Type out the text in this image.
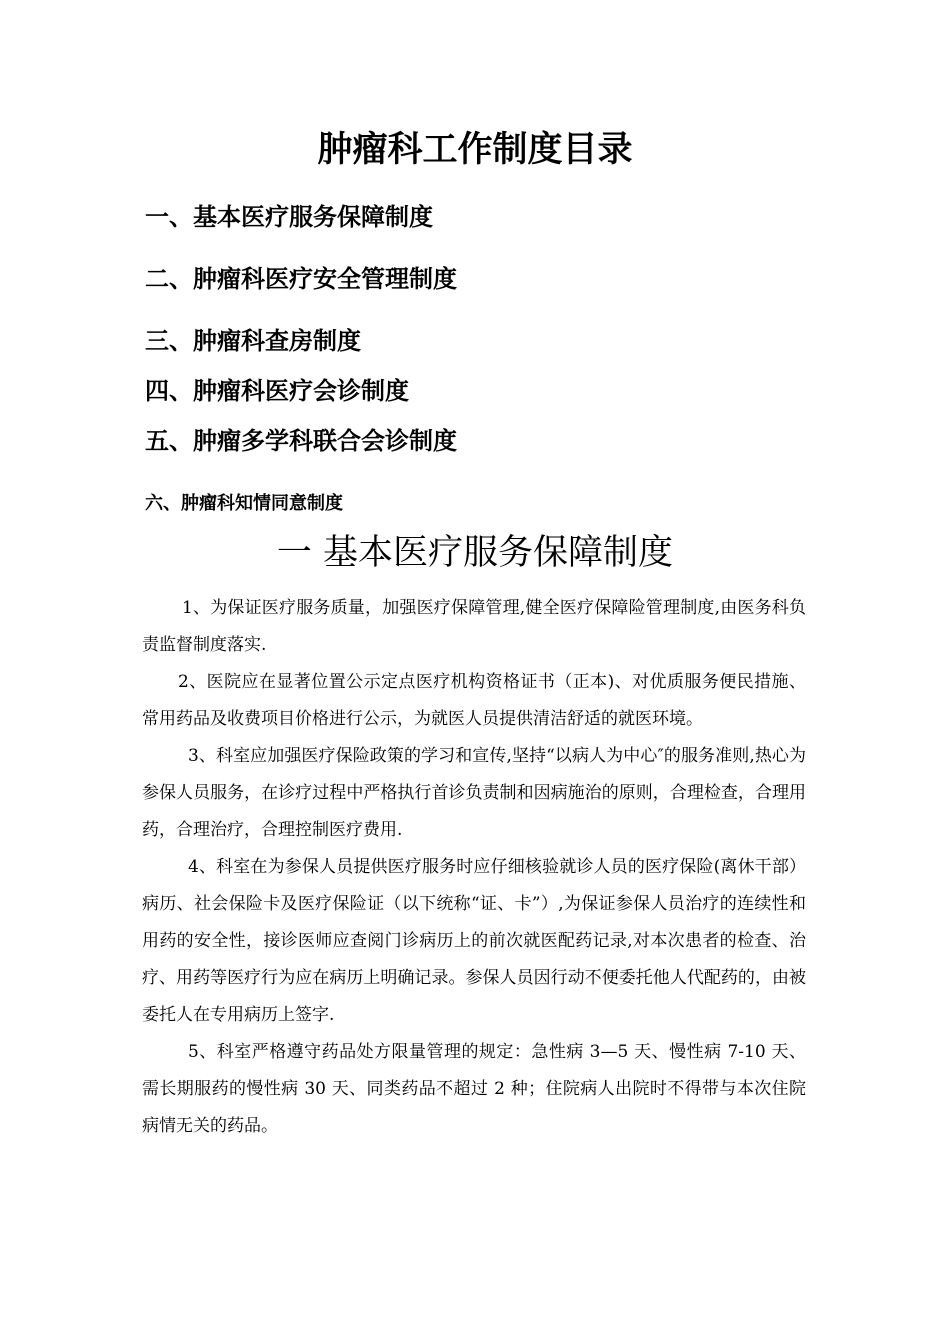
肿瘤科工作制度目录
一、基本医疗服务保障制度
二、肿瘤科医疗安全管理制度
三、肿瘤科查房制度
四、肿瘤科医疗会诊制度
五、肿瘤多学科联合会诊制度
六、肿瘤科知情同意制度
一 基本医疗服务保障制度

1、为保证医疗服务质量，加强医疗保障管理,健全医疗保障险管理制度,由医务科负责监督制度落实.

2、医院应在显著位置公示定点医疗机构资格证书（正本)、对优质服务便民措施、常用药品及收费项目价格进行公示，为就医人员提供清洁舒适的就医环境。

3、科室应加强医疗保险政策的学习和宣传,坚持“以病人为中心″的服务准则,热心为参保人员服务，在诊疗过程中严格执行首诊负责制和因病施治的原则，合理检查，合理用药，合理治疗，合理控制医疗费用.

4、科室在为参保人员提供医疗服务时应仔细核验就诊人员的医疗保险(离休干部）病历、社会保险卡及医疗保险证（以下统称“证、卡”）,为保证参保人员治疗的连续性和用药的安全性，接诊医师应查阅门诊病历上的前次就医配药记录,对本次患者的检查、治疗、用药等医疗行为应在病历上明确记录。参保人员因行动不便委托他人代配药的，由被委托人在专用病历上签字.

5、科室严格遵守药品处方限量管理的规定：急性病 3—5 天、慢性病 7-10 天、需长期服药的慢性病 30 天、同类药品不超过 2 种；住院病人出院时不得带与本次住院病情无关的药品。
